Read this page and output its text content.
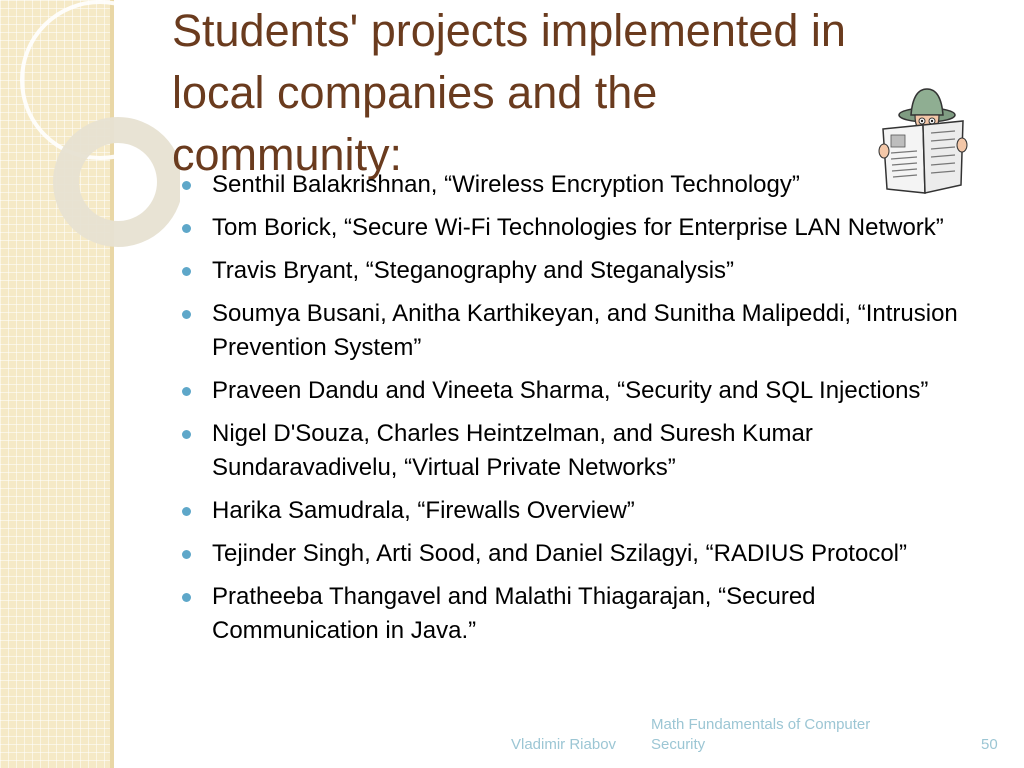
Students' projects implemented in
local companies and the
community:
Senthil Balakrishnan, “Wireless Encryption Technology”
Tom Borick, “Secure Wi-Fi Technologies for Enterprise LAN Network”
Travis Bryant, “Steganography and Steganalysis”
Soumya Busani, Anitha Karthikeyan, and Sunitha Malipeddi, “Intrusion Prevention System”
Praveen Dandu and Vineeta Sharma, “Security and SQL Injections”
Nigel D'Souza, Charles Heintzelman, and Suresh Kumar Sundaravadivelu, “Virtual Private Networks”
Harika Samudrala, “Firewalls Overview”
Tejinder Singh, Arti Sood, and Daniel Szilagyi, “RADIUS Protocol”
Pratheeba Thangavel and Malathi Thiagarajan, “Secured Communication in Java.”
Vladimir Riabov
Math Fundamentals of Computer Security	50
